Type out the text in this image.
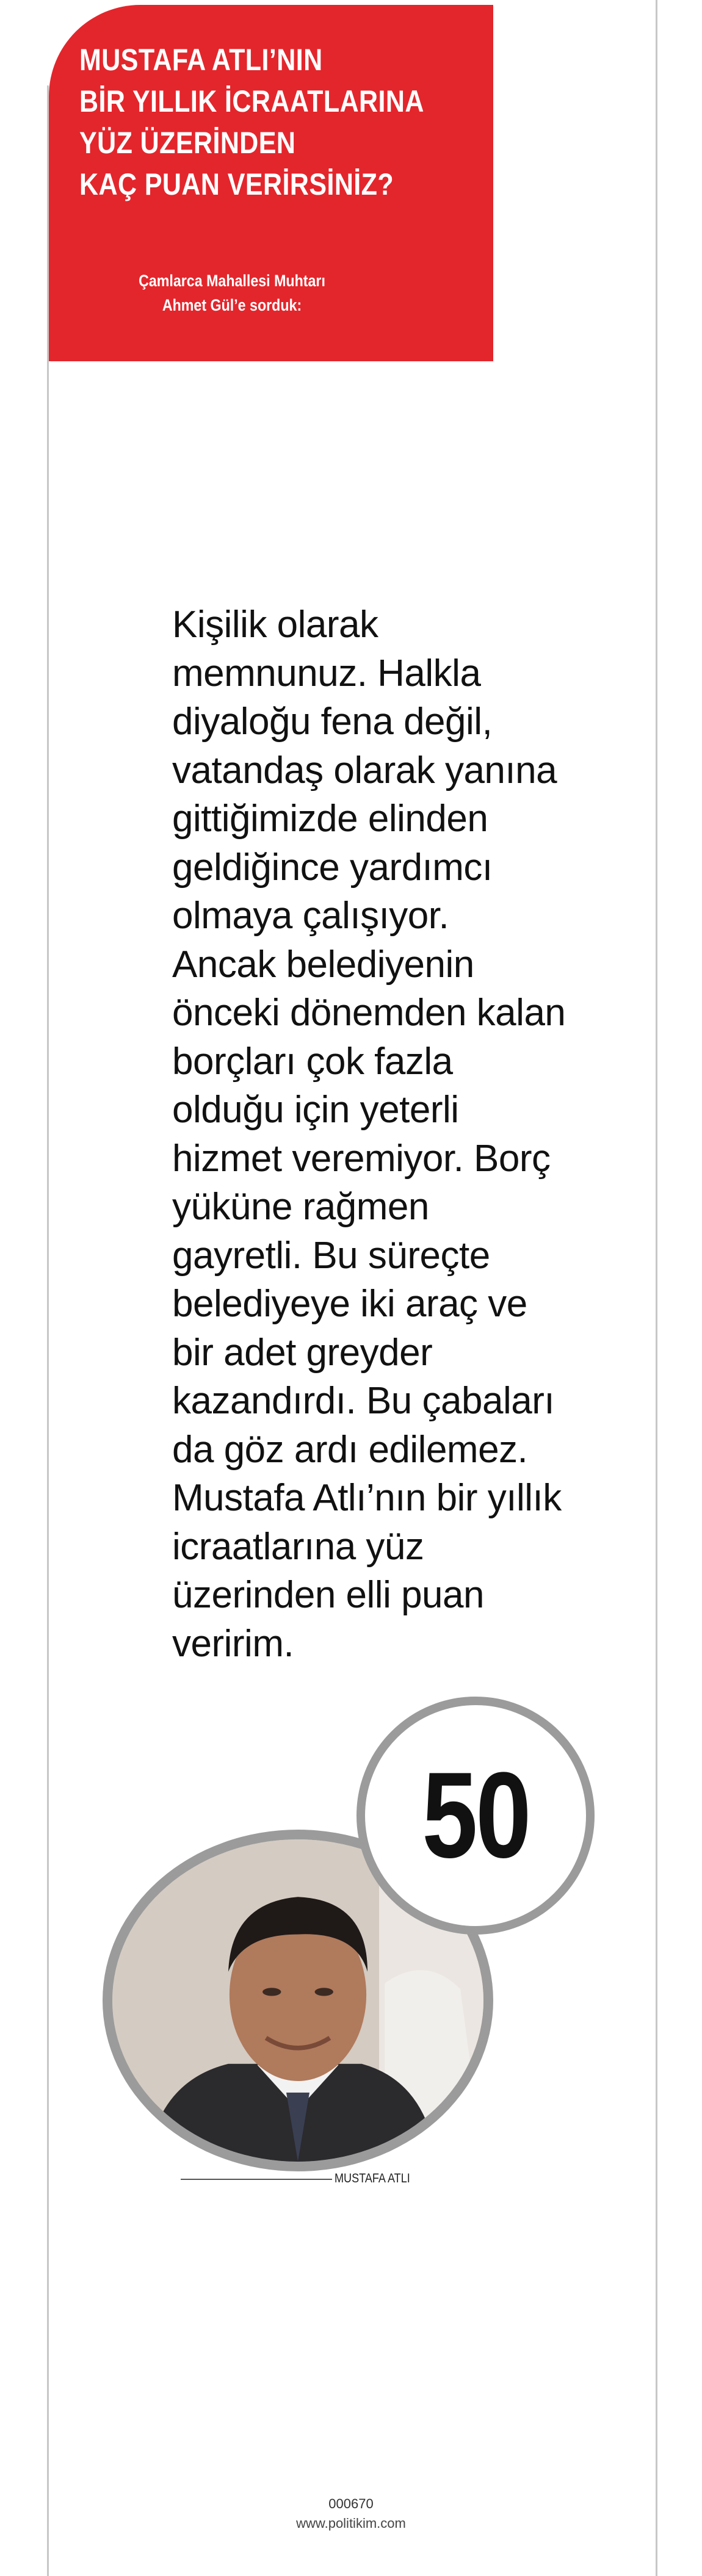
MUSTAFA ATLI’NIN
BİR YILLIK İCRAATLARINA
YÜZ ÜZERİNDEN
KAÇ PUAN VERİRSİNİZ?
Çamlarca Mahallesi Muhtarı
Ahmet Gül’e sorduk:
Kişilik olarak
memnunuz. Halkla
diyaloğu fena değil,
vatandaş olarak yanına
gittiğimizde elinden
geldiğince yardımcı
olmaya çalışıyor.
Ancak belediyenin
önceki dönemden kalan
borçları çok fazla
olduğu için yeterli
hizmet veremiyor. Borç
yüküne rağmen
gayretli. Bu süreçte
belediyeye iki araç ve
bir adet greyder
kazandırdı. Bu çabaları
da göz ardı edilemez.
Mustafa Atlı’nın bir yıllık
icraatlarına yüz
üzerinden elli puan
veririm.
50
MUSTAFA ATLI
000670
www.politikim.com
